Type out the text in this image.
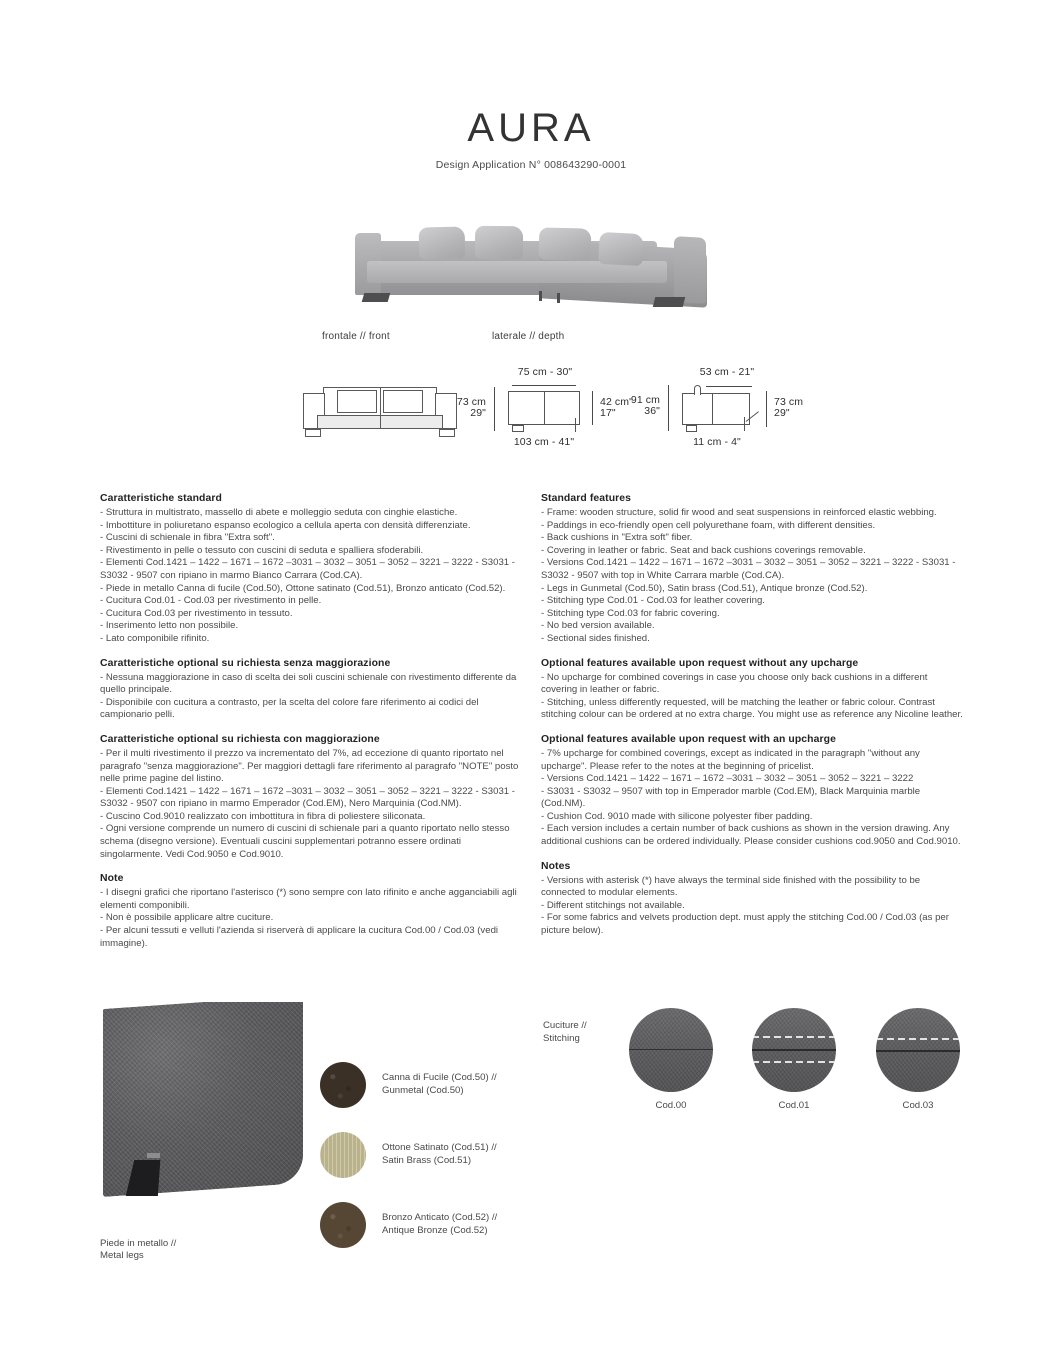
AURA
Design Application N° 008643290-0001
frontale // front	laterale // depth
75 cm - 30"
73 cm
29"
42 cm"
17"
103 cm - 41"
53 cm - 21"
91 cm
36"
73 cm
29"
11 cm - 4"
Caratteristiche standard

- Struttura in multistrato, massello di abete e molleggio seduta con cinghie elastiche.

- Imbottiture in poliuretano espanso ecologico a cellula aperta con densità differenziate.

- Cuscini di schienale in fibra "Extra soft".

- Rivestimento in pelle o tessuto con cuscini di seduta e spalliera sfoderabili.

- Elementi Cod.1421 – 1422 – 1671 – 1672 –3031 – 3032 – 3051 – 3052 – 3221 – 3222 - S3031 - S3032 - 9507 con ripiano in marmo Bianco Carrara (Cod.CA).

- Piede in metallo Canna di fucile (Cod.50), Ottone satinato (Cod.51), Bronzo anticato (Cod.52).

- Cucitura Cod.01 - Cod.03 per rivestimento in pelle.

- Cucitura Cod.03 per rivestimento in tessuto.

- Inserimento letto non possibile.

- Lato componibile rifinito.

Caratteristiche optional su richiesta senza maggiorazione

- Nessuna maggiorazione in caso di scelta dei soli cuscini schienale con rivestimento differente da quello principale.

- Disponibile con cucitura a contrasto, per la scelta del colore fare riferimento ai codici del campionario pelli.

Caratteristiche optional su richiesta con maggiorazione

- Per il multi rivestimento il prezzo va incrementato del 7%, ad eccezione di quanto riportato nel paragrafo "senza maggiorazione". Per maggiori dettagli fare riferimento al paragrafo "NOTE" posto nelle prime pagine del listino.

- Elementi Cod.1421 – 1422 – 1671 – 1672 –3031 – 3032 – 3051 – 3052 – 3221 – 3222 - S3031 - S3032 - 9507 con ripiano in marmo Emperador (Cod.EM), Nero Marquinia (Cod.NM).

- Cuscino Cod.9010 realizzato con imbottitura in fibra di poliestere siliconata.

- Ogni versione comprende un numero di cuscini di schienale pari a quanto riportato nello stesso schema (disegno versione). Eventuali cuscini supplementari potranno essere ordinati singolarmente. Vedi Cod.9050 e Cod.9010.

Note

- I disegni grafici che riportano l'asterisco (*) sono sempre con lato rifinito e anche agganciabili agli elementi componibili.

- Non è possibile applicare altre cuciture.

- Per alcuni tessuti e velluti l'azienda si riserverà di applicare la cucitura Cod.00 / Cod.03 (vedi immagine).

Standard features

- Frame: wooden structure, solid fir wood and seat suspensions in reinforced elastic webbing.

- Paddings in eco-friendly open cell polyurethane foam, with different densities.

- Back cushions in "Extra soft" fiber.

- Covering in leather or fabric. Seat and back cushions coverings removable.

- Versions Cod.1421 – 1422 – 1671 – 1672 –3031 – 3032 – 3051 – 3052 – 3221 – 3222 - S3031 - S3032 - 9507 with top in White Carrara marble (Cod.CA).

- Legs in Gunmetal (Cod.50), Satin brass (Cod.51), Antique bronze (Cod.52).

- Stitching type Cod.01 - Cod.03 for leather covering.

- Stitching type Cod.03 for fabric covering.

- No bed version available.

- Sectional sides finished.

Optional features available upon request without any upcharge

- No upcharge for combined coverings in case you choose only back cushions in a different covering in leather or fabric.

- Stitching, unless differently requested, will be matching the leather or fabric colour. Contrast stitching colour can be ordered at no extra charge. You might use as reference any Nicoline leather.

Optional features available upon request with an upcharge

- 7% upcharge for combined coverings, except as indicated in the paragraph "without any upcharge". Please refer to the notes at the beginning of pricelist.

- Versions Cod.1421 – 1422 – 1671 – 1672 –3031 – 3032 – 3051 – 3052 – 3221 – 3222

- S3031 - S3032 – 9507 with top in Emperador marble (Cod.EM), Black Marquinia marble (Cod.NM).

- Cushion Cod. 9010 made with silicone polyester fiber padding.

- Each version includes a certain number of back cushions as shown in the version drawing. Any additional cushions can be ordered individually. Please consider cushions cod.9050 and Cod.9010.

Notes

- Versions with asterisk (*) have always the terminal side finished with the possibility to be connected to modular elements.

- Different stitchings not available.

- For some fabrics and velvets production dept. must apply the stitching Cod.00 / Cod.03 (as per picture below).

Piede in metallo //
Metal legs
Canna di Fucile (Cod.50) //
Gunmetal (Cod.50)
Ottone Satinato (Cod.51) //
Satin Brass (Cod.51)
Bronzo Anticato (Cod.52) //
Antique Bronze (Cod.52)
Cuciture //
Stitching
Cod.00	Cod.01	Cod.03
